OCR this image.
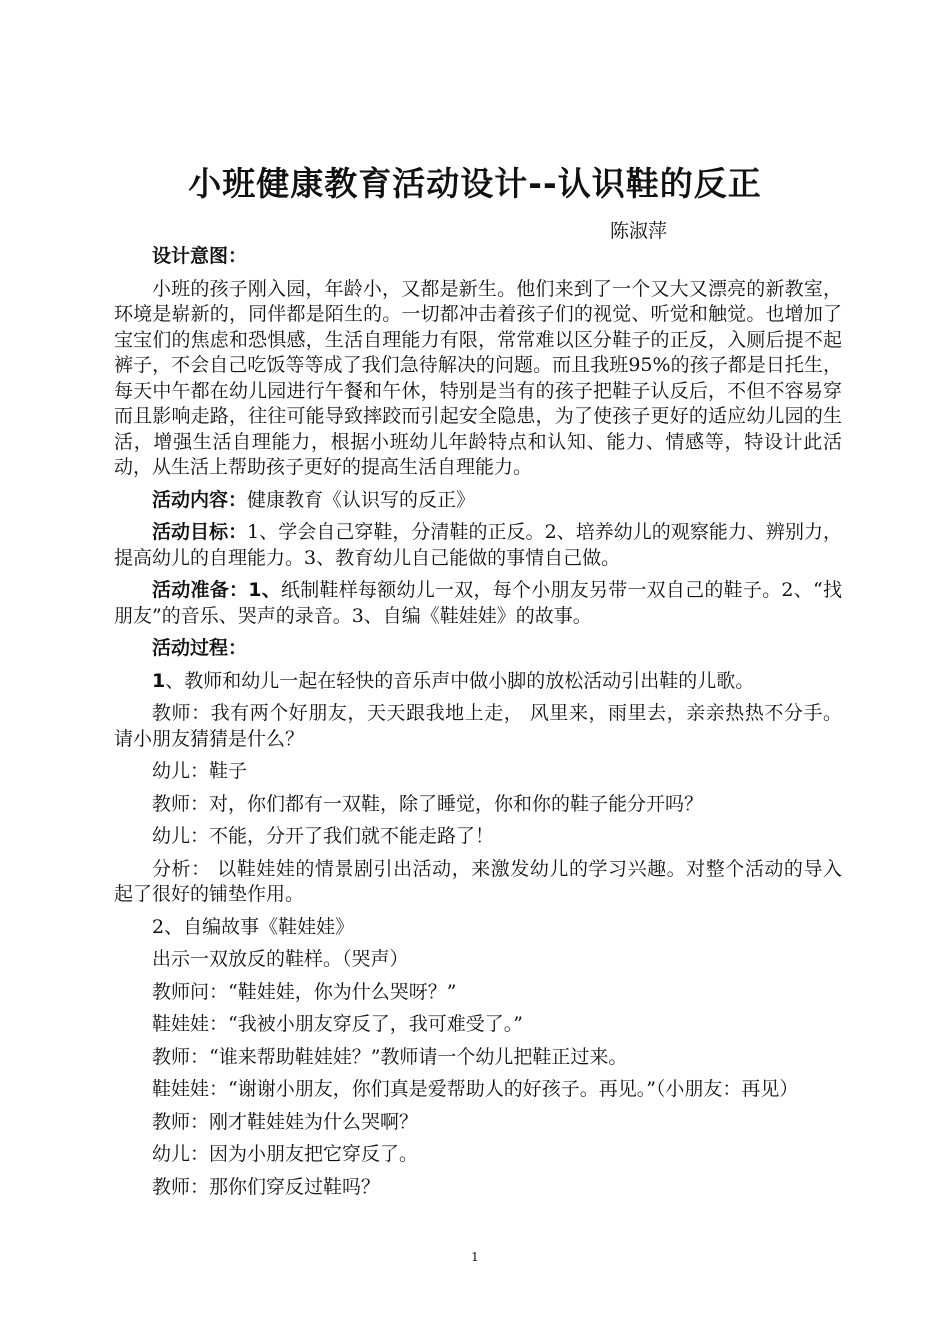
小班健康教育活动设计--认识鞋的反正
陈淑萍

设计意图：

小班的孩子刚入园，年龄小，又都是新生。他们来到了一个又大又漂亮的新教室，环境是崭新的，同伴都是陌生的。一切都冲击着孩子们的视觉、听觉和触觉。也增加了宝宝们的焦虑和恐惧感，生活自理能力有限，常常难以区分鞋子的正反，入厕后提不起裤子，不会自己吃饭等等成了我们急待解决的问题。而且我班95%的孩子都是日托生，每天中午都在幼儿园进行午餐和午休，特别是当有的孩子把鞋子认反后，不但不容易穿而且影响走路，往往可能导致摔跤而引起安全隐患，为了使孩子更好的适应幼儿园的生活，增强生活自理能力，根据小班幼儿年龄特点和认知、能力、情感等，特设计此活动，从生活上帮助孩子更好的提高生活自理能力。

活动内容：健康教育《认识写的反正》

活动目标：1、学会自己穿鞋，分清鞋的正反。2、培养幼儿的观察能力、辨别力，提高幼儿的自理能力。3、教育幼儿自己能做的事情自己做。

活动准备：1、纸制鞋样每额幼儿一双，每个小朋友另带一双自己的鞋子。2、“找朋友”的音乐、哭声的录音。3、自编《鞋娃娃》的故事。

活动过程：

1、教师和幼儿一起在轻快的音乐声中做小脚的放松活动引出鞋的儿歌。

教师：我有两个好朋友，天天跟我地上走， 风里来，雨里去，亲亲热热不分手。请小朋友猜猜是什么？

幼儿：鞋子

教师：对，你们都有一双鞋，除了睡觉，你和你的鞋子能分开吗？

幼儿：不能，分开了我们就不能走路了！

分析： 以鞋娃娃的情景剧引出活动，来激发幼儿的学习兴趣。对整个活动的导入起了很好的铺垫作用。

2、自编故事《鞋娃娃》

出示一双放反的鞋样。（哭声）

教师问：“鞋娃娃，你为什么哭呀？”

鞋娃娃：“我被小朋友穿反了，我可难受了。”

教师：“谁来帮助鞋娃娃？”教师请一个幼儿把鞋正过来。

鞋娃娃：“谢谢小朋友，你们真是爱帮助人的好孩子。再见。”（小朋友：再见）

教师：刚才鞋娃娃为什么哭啊？

幼儿：因为小朋友把它穿反了。

教师：那你们穿反过鞋吗？

1
